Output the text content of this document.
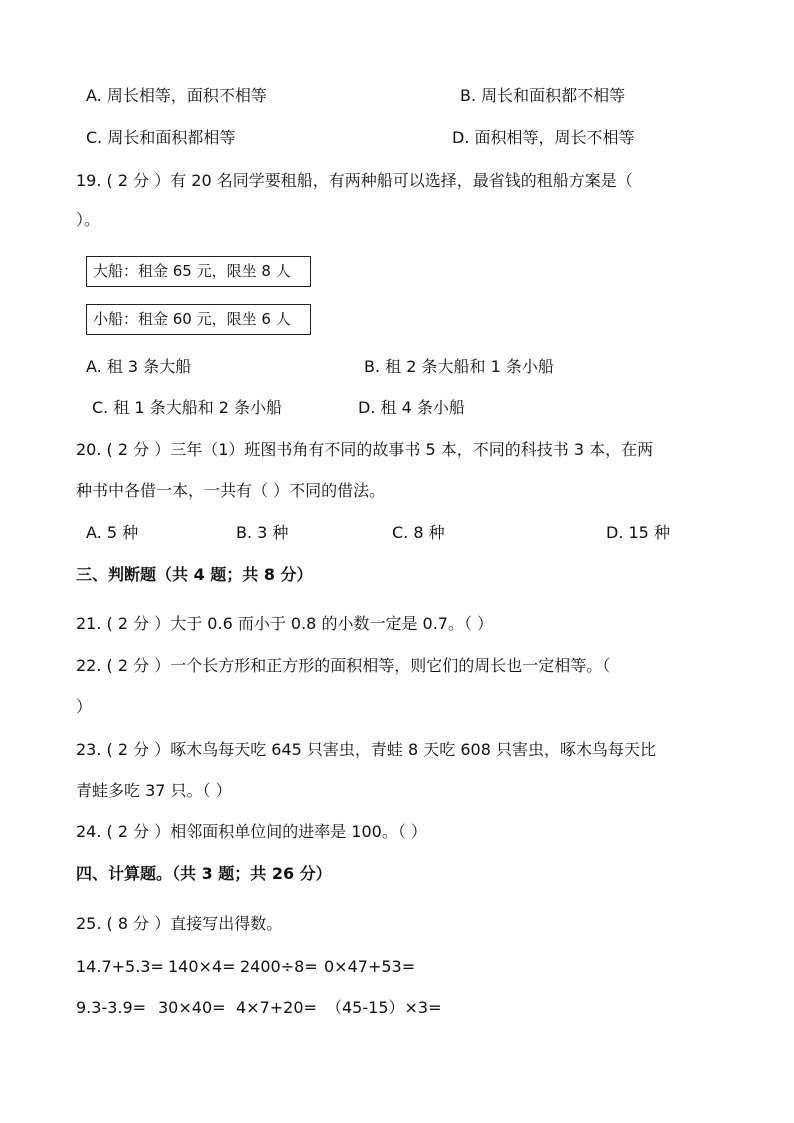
A. 周长相等，面积不相等	B. 周长和面积都不相等
C. 周长和面积都相等	D. 面积相等，周长不相等
19. ( 2 分 ）有 20 名同学要租船，有两种船可以选择，最省钱的租船方案是（
）。
大船：租金 65 元，限坐 8 人
小船：租金 60 元，限坐 6 人
A. 租 3 条大船	B. 租 2 条大船和 1 条小船
C. 租 1 条大船和 2 条小船	D. 租 4 条小船
20. ( 2 分 ）三年（1）班图书角有不同的故事书 5 本，不同的科技书 3 本，在两
种书中各借一本，一共有（ ）不同的借法。
A. 5 种	B. 3 种	C. 8 种	D. 15 种
三、判断题（共 4 题；共 8 分）
21. ( 2 分 ）大于 0.6 而小于 0.8 的小数一定是 0.7。（ ）
22. ( 2 分 ）一个长方形和正方形的面积相等，则它们的周长也一定相等。（
）
23. ( 2 分 ）啄木鸟每天吃 645 只害虫，青蛙 8 天吃 608 只害虫，啄木鸟每天比
青蛙多吃 37 只。（ ）
24. ( 2 分 ）相邻面积单位间的进率是 100。（ ）
四、计算题。（共 3 题；共 26 分）
25. ( 8 分 ）直接写出得数。
14.7+5.3= 140×4= 2400÷8= 0×47+53=
9.3-3.9= 30×40= 4×7+20= （45-15）×3=
